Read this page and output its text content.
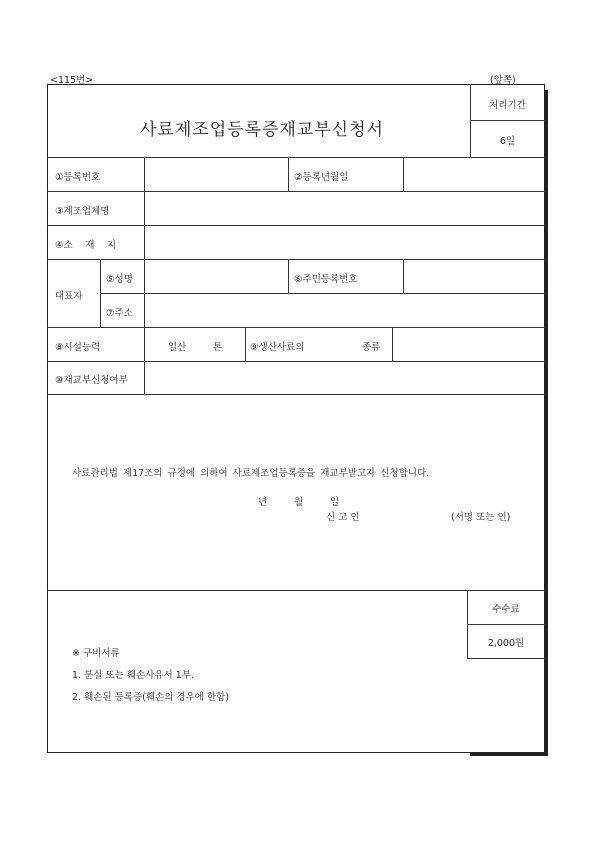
<115번>	(앞쪽)
사료제조업등록증재교부신청서
처리기간
6일
①등록번호	②등록년월일
③제조업체명
④소　 재 　지
대표자
⑤성명	⑥주민등록번호
⑦주소
⑧시설능력	일산	톤	⑨생산사료의	종류
⑩재교부신청여부
사료관리법 제17조의 규정에 의하여 사료제조업등록증을 재교부받고자 신청합니다.
년	월	일
신 고 인	(서명 또는 인)
수수료
2,000원
※ 구비서류
1. 분실 또는 훼손사유서 1부.
2. 훼손된 등록증(훼손의 경우에 한함)
